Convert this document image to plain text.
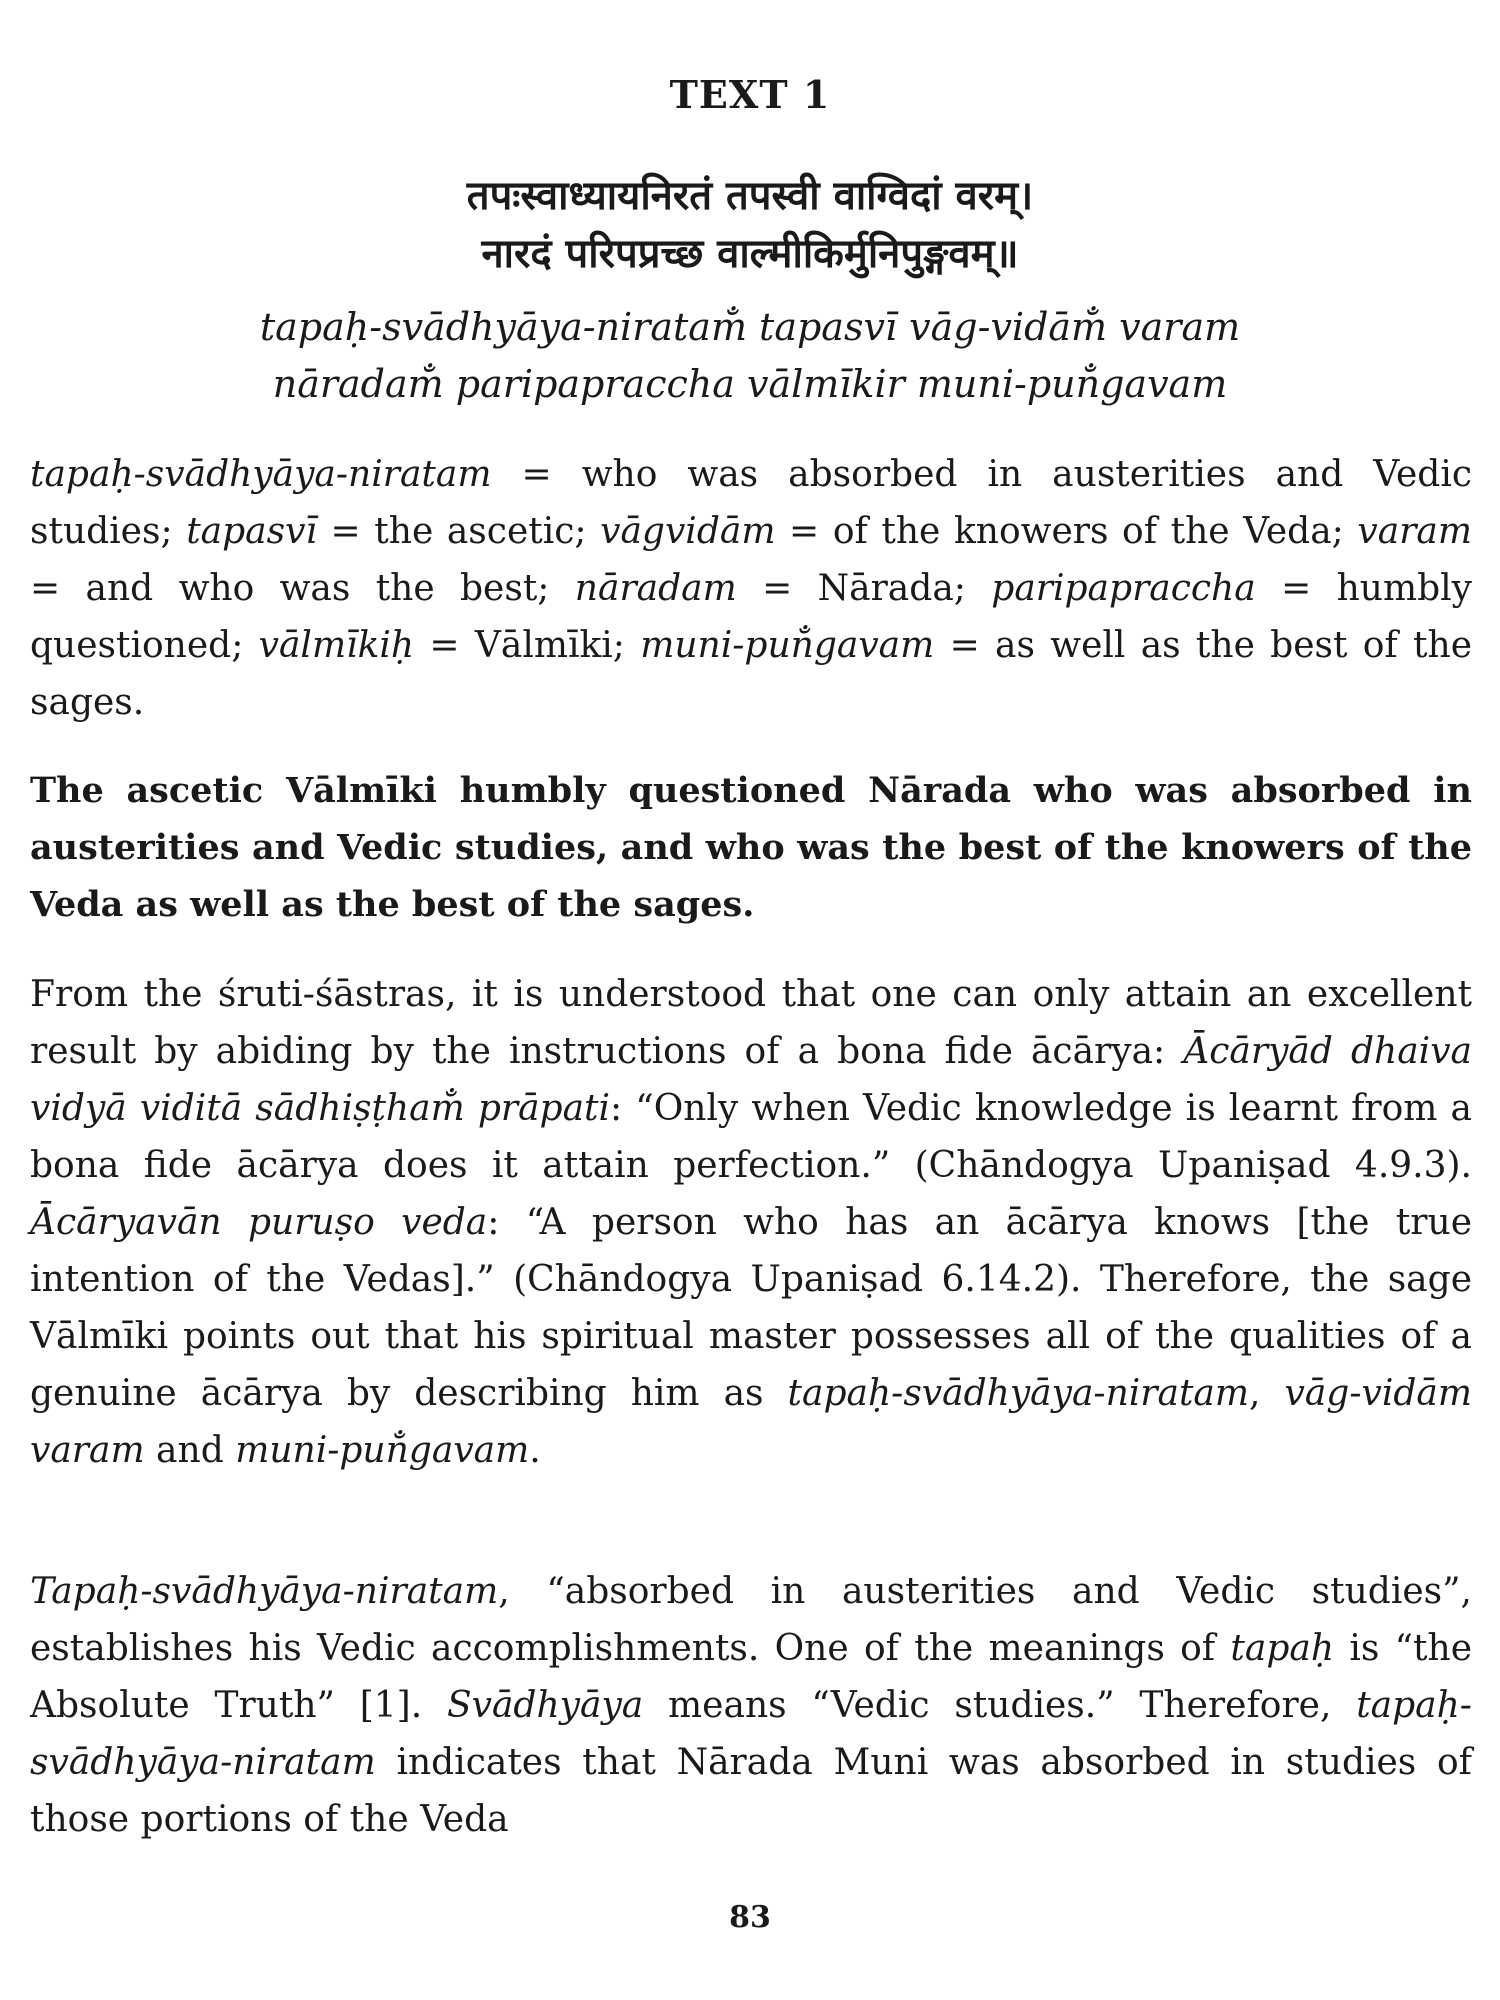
TEXT 1
तपःस्वाध्यायनिरतं तपस्वी वाग्विदां वरम्।
नारदं परिपप्रच्छ वाल्मीकिर्मुनिपुङ्गवम्॥
tapaḥ-svādhyāya-niratam̐ tapasvī vāg-vidām̐ varam
nāradam̐ paripapraccha vālmīkir muni-pun̐gavam

tapaḥ-svādhyāya-niratam = who was absorbed in austerities and Vedic studies; tapasvī = the ascetic; vāgvidām = of the knowers of the Veda; varam = and who was the best; nāradam = Nārada; paripapraccha = humbly questioned; vālmīkiḥ = Vālmīki; muni-pun̐gavam = as well as the best of the sages.

The ascetic Vālmīki humbly questioned Nārada who was absorbed in austerities and Vedic studies, and who was the best of the knowers of the Veda as well as the best of the sages.

From the śruti-śāstras, it is understood that one can only attain an excellent result by abiding by the instructions of a bona fide ācārya: Ācāryād dhaiva vidyā viditā sādhiṣṭham̐ prāpati: “Only when Vedic knowledge is learnt from a bona fide ācārya does it attain perfection.” (Chāndogya Upaniṣad 4.9.3). Ācāryavān puruṣo veda: “A person who has an ācārya knows [the true intention of the Vedas].” (Chāndogya Upaniṣad 6.14.2). Therefore, the sage Vālmīki points out that his spiritual master possesses all of the qualities of a genuine ācārya by describing him as tapaḥ-svādhyāya-niratam, vāg-vidām varam and muni-pun̐gavam.

Tapaḥ-svādhyāya-niratam, “absorbed in austerities and Vedic studies”, establishes his Vedic accomplishments. One of the meanings of tapaḥ is “the Absolute Truth” [1]. Svādhyāya means “Vedic studies.” Therefore, tapaḥ-svādhyāya-niratam indicates that Nārada Muni was absorbed in studies of those portions of the Veda

83
